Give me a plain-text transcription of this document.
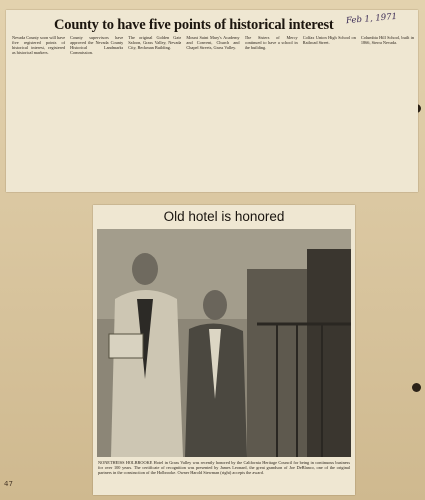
County to have five points of historical interest	Feb 1, 1971

Nevada County soon will have five registered points of historical interest, registered as historical markers.

County supervisors have approved the Nevada County Historical Landmarks Commission.

The original Golden Gate Saloon, Grass Valley, Nevada City, Beckman Building.

Mount Saint Mary's Academy and Convent, Church and Chapel Streets, Grass Valley.

The Sisters of Mercy continued to have a school in the building.

Colfax Union High School on Railroad Street.

Columbia Hill School, built in 1866, Sierra Nevada.

Old hotel is honored
NONETHEISS HOLBROOKE Hotel in Grass Valley was recently honored by the California Heritage Council for being in continuous business for over 100 years. The certificate of recognition was presented by James Leonard, the great grandson of Joe DeBlanco, one of the original partners in the construction of the Holbrooke. Owner Harold Stewman (right) accepts the award.
47
